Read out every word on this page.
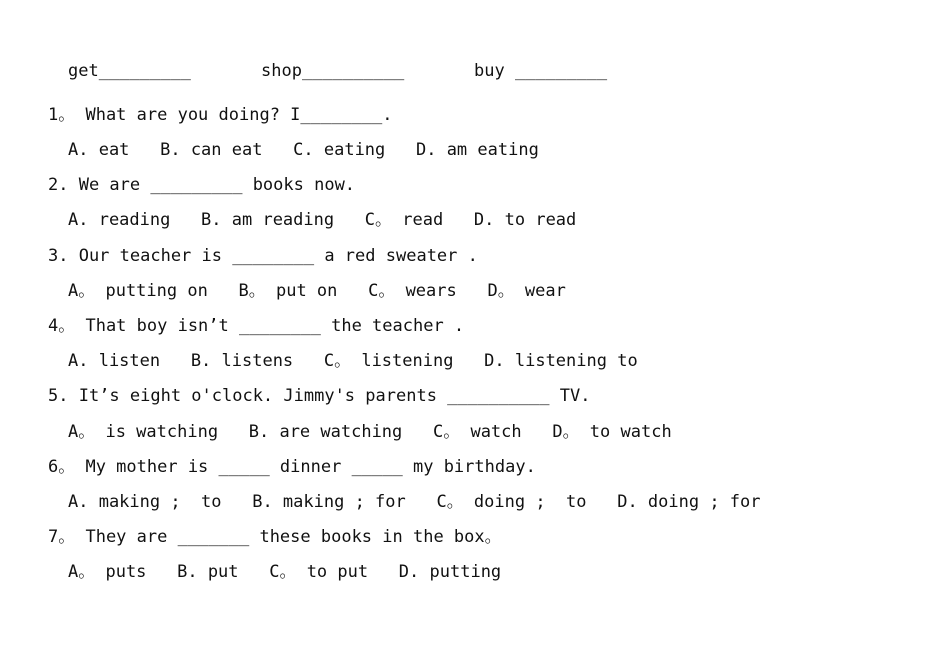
get_________	shop__________	buy _________
1。 What are you doing? I________.
A. eat   B. can eat   C. eating   D. am eating
2. We are _________ books now.
A. reading   B. am reading   C。 read   D. to read
3. Our teacher is ________ a red sweater .
A。 putting on   B。 put on   C。 wears   D。 wear
4。 That boy isn’t ________ the teacher .
A. listen   B. listens   C。 listening   D. listening to
5. It’s eight o'clock. Jimmy's parents __________ TV.
A。 is watching   B. are watching   C。 watch   D。 to watch
6。 My mother is _____ dinner _____ my birthday.
A. making ;  to   B. making ; for   C。 doing ;  to   D. doing ; for
7。 They are _______ these books in the box。
A。 puts   B. put   C。 to put   D. putting
